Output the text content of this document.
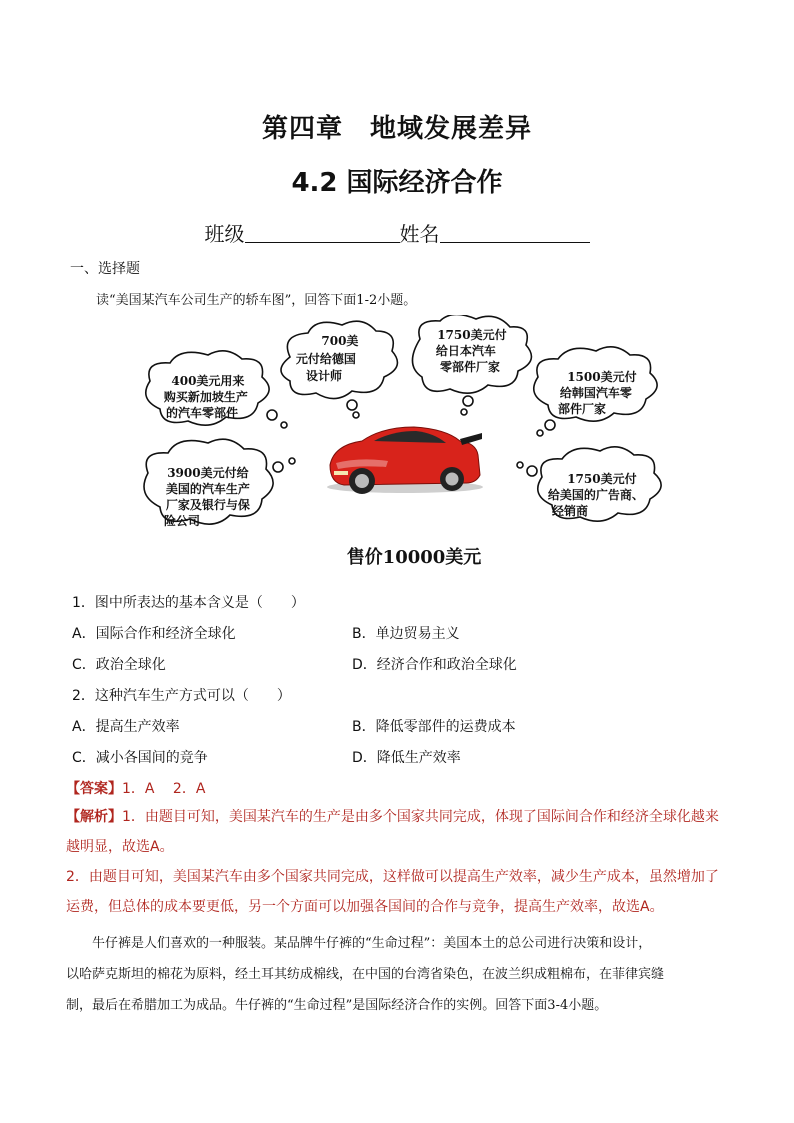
第四章　地域发展差异
4.2 国际经济合作
班级	姓名
一、选择题
读“美国某汽车公司生产的轿车图”，回答下面1-2小题。
700美 元付给德国 设计师
1750美元付 给日本汽车 零部件厂家
400美元用来 购买新加坡生产 的汽车零部件
1500美元付 给韩国汽车零 部件厂家
3900美元付给 美国的汽车生产 厂家及银行与保 险公司
1750美元付 给美国的广告商、 经销商
售价10000美元
1．图中所表达的基本含义是（　　）
A．国际合作和经济全球化	B．单边贸易主义
C．政治全球化	D．经济合作和政治全球化
2．这种汽车生产方式可以（　　）
A．提高生产效率	B．降低零部件的运费成本
C．减小各国间的竞争	D．降低生产效率
【答案】1．A　 2．A
【解析】1．由题目可知，美国某汽车的生产是由多个国家共同完成，体现了国际间合作和经济全球化越来
越明显，故选A。
2．由题目可知，美国某汽车由多个国家共同完成，这样做可以提高生产效率，减少生产成本，虽然增加了
运费，但总体的成本要更低，另一个方面可以加强各国间的合作与竞争，提高生产效率，故选A。
牛仔裤是人们喜欢的一种服装。某品牌牛仔裤的“生命过程”：美国本土的总公司进行决策和设计，
以哈萨克斯坦的棉花为原料，经土耳其纺成棉线，在中国的台湾省染色，在波兰织成粗棉布，在菲律宾缝
制，最后在希腊加工为成品。牛仔裤的“生命过程”是国际经济合作的实例。回答下面3-4小题。
